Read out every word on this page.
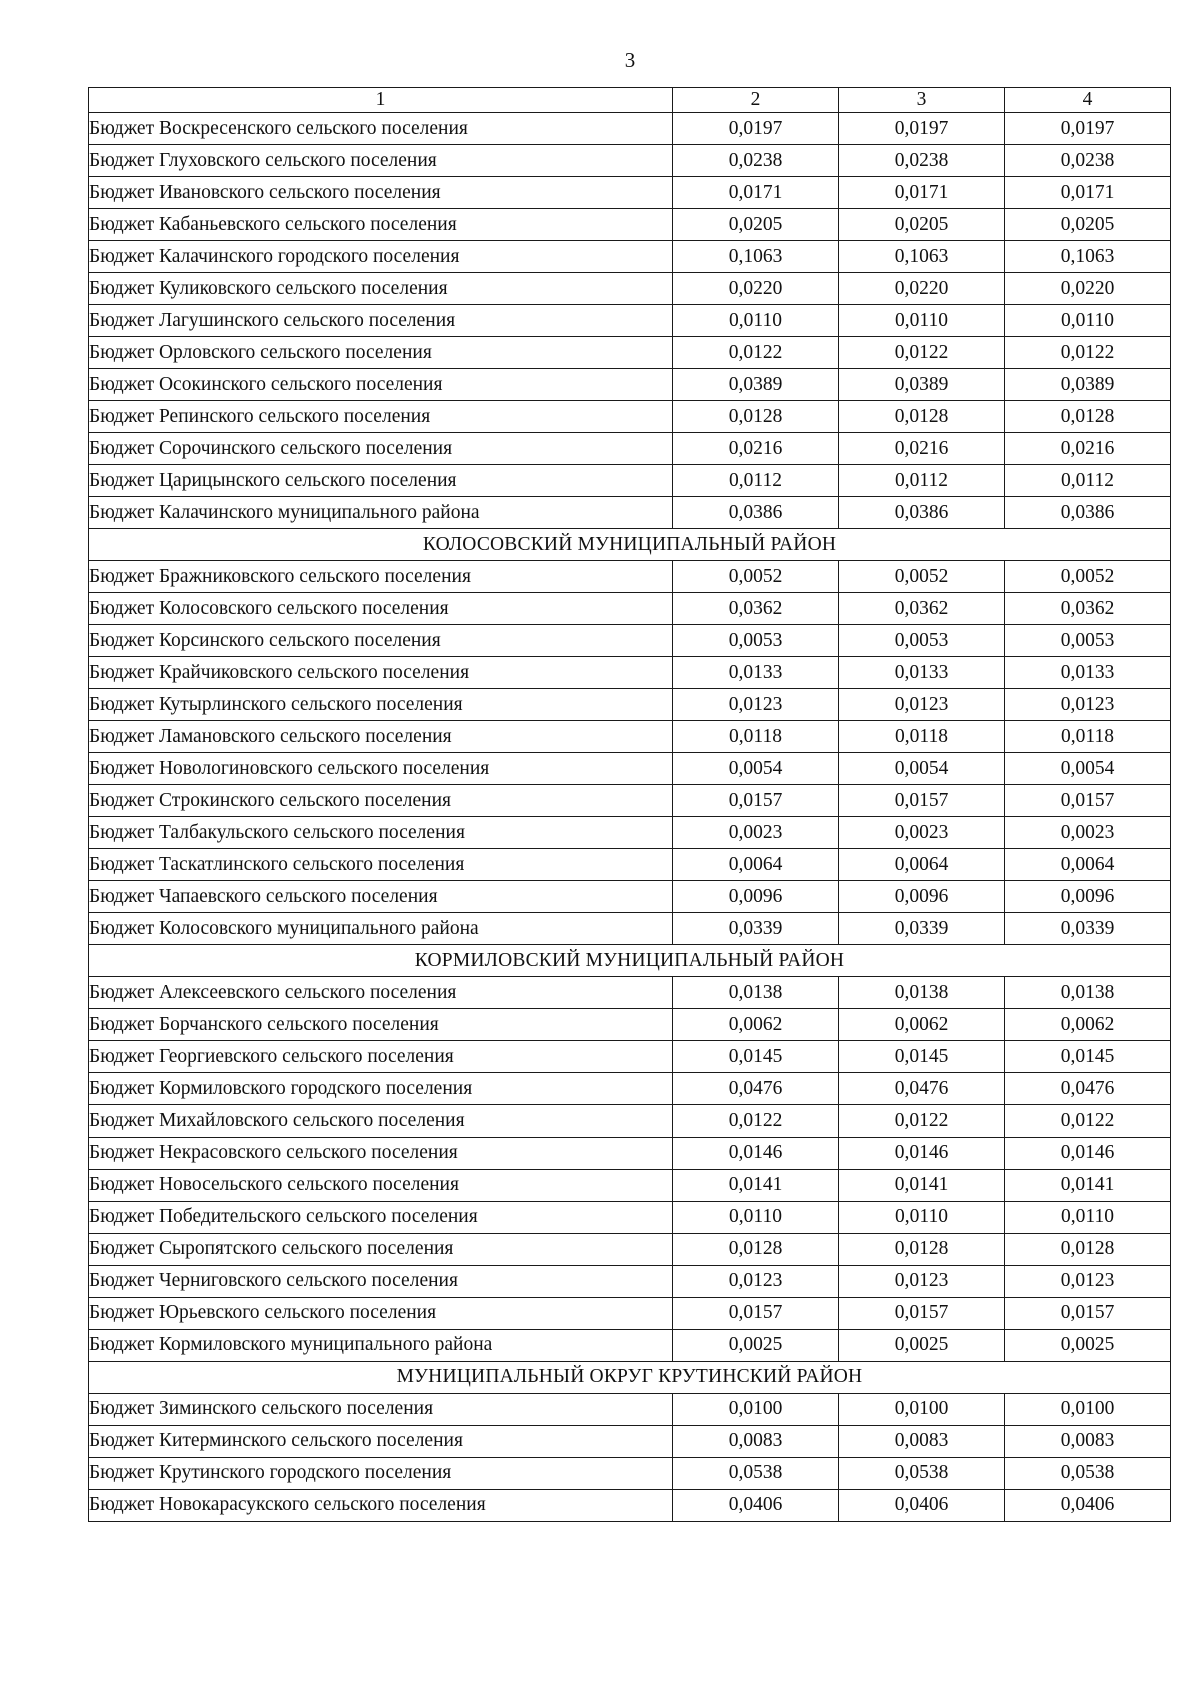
3
1	2	3	4
Бюджет Воскресенского сельского поселения	0,0197	0,0197	0,0197
Бюджет Глуховского сельского поселения	0,0238	0,0238	0,0238
Бюджет Ивановского сельского поселения	0,0171	0,0171	0,0171
Бюджет Кабаньевского сельского поселения	0,0205	0,0205	0,0205
Бюджет Калачинского городского поселения	0,1063	0,1063	0,1063
Бюджет Куликовского сельского поселения	0,0220	0,0220	0,0220
Бюджет Лагушинского сельского поселения	0,0110	0,0110	0,0110
Бюджет Орловского сельского поселения	0,0122	0,0122	0,0122
Бюджет Осокинского сельского поселения	0,0389	0,0389	0,0389
Бюджет Репинского сельского поселения	0,0128	0,0128	0,0128
Бюджет Сорочинского сельского поселения	0,0216	0,0216	0,0216
Бюджет Царицынского сельского поселения	0,0112	0,0112	0,0112
Бюджет Калачинского муниципального района	0,0386	0,0386	0,0386
КОЛОСОВСКИЙ МУНИЦИПАЛЬНЫЙ РАЙОН			
Бюджет Бражниковского сельского поселения	0,0052	0,0052	0,0052
Бюджет Колосовского сельского поселения	0,0362	0,0362	0,0362
Бюджет Корсинского сельского поселения	0,0053	0,0053	0,0053
Бюджет Крайчиковского сельского поселения	0,0133	0,0133	0,0133
Бюджет Кутырлинского сельского поселения	0,0123	0,0123	0,0123
Бюджет Ламановского сельского поселения	0,0118	0,0118	0,0118
Бюджет Новологиновского сельского поселения	0,0054	0,0054	0,0054
Бюджет Строкинского сельского поселения	0,0157	0,0157	0,0157
Бюджет Талбакульского сельского поселения	0,0023	0,0023	0,0023
Бюджет Таскатлинского сельского поселения	0,0064	0,0064	0,0064
Бюджет Чапаевского сельского поселения	0,0096	0,0096	0,0096
Бюджет Колосовского муниципального района	0,0339	0,0339	0,0339
КОРМИЛОВСКИЙ МУНИЦИПАЛЬНЫЙ РАЙОН			
Бюджет Алексеевского сельского поселения	0,0138	0,0138	0,0138
Бюджет Борчанского сельского поселения	0,0062	0,0062	0,0062
Бюджет Георгиевского сельского поселения	0,0145	0,0145	0,0145
Бюджет Кормиловского городского поселения	0,0476	0,0476	0,0476
Бюджет Михайловского сельского поселения	0,0122	0,0122	0,0122
Бюджет Некрасовского сельского поселения	0,0146	0,0146	0,0146
Бюджет Новосельского сельского поселения	0,0141	0,0141	0,0141
Бюджет Победительского сельского поселения	0,0110	0,0110	0,0110
Бюджет Сыропятского сельского поселения	0,0128	0,0128	0,0128
Бюджет Черниговского сельского поселения	0,0123	0,0123	0,0123
Бюджет Юрьевского сельского поселения	0,0157	0,0157	0,0157
Бюджет Кормиловского муниципального района	0,0025	0,0025	0,0025
МУНИЦИПАЛЬНЫЙ ОКРУГ КРУТИНСКИЙ РАЙОН			
Бюджет Зиминского сельского поселения	0,0100	0,0100	0,0100
Бюджет Китерминского сельского поселения	0,0083	0,0083	0,0083
Бюджет Крутинского городского поселения	0,0538	0,0538	0,0538
Бюджет Новокарасукского сельского поселения	0,0406	0,0406	0,0406
